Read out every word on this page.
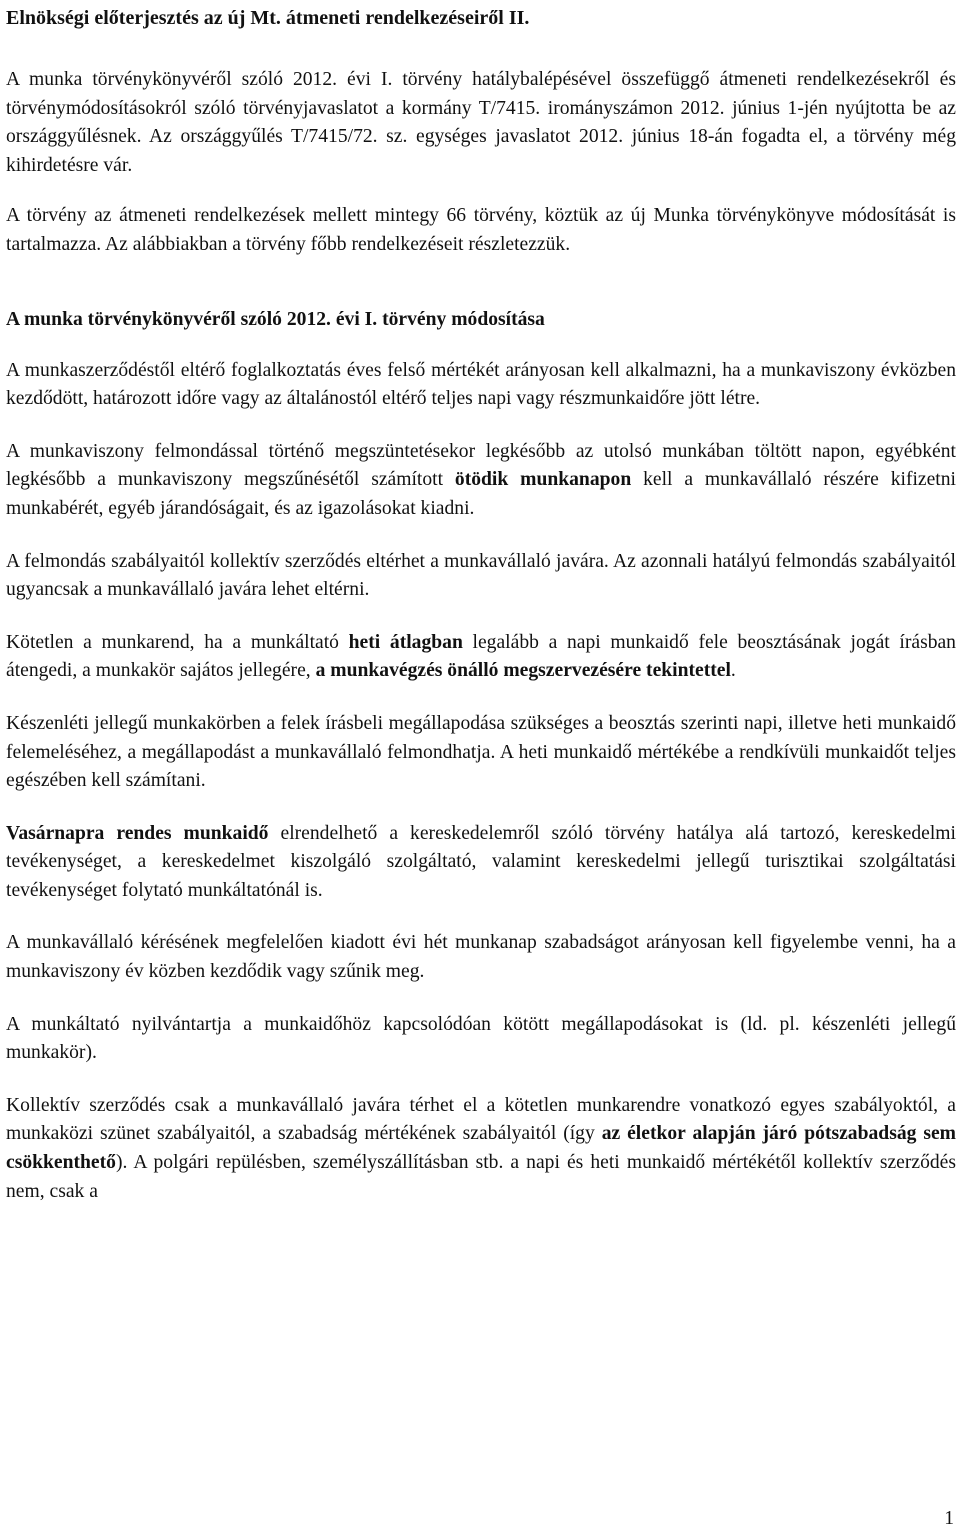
Elnökségi előterjesztés az új Mt. átmeneti rendelkezéseiről II.

A munka törvénykönyvéről szóló 2012. évi I. törvény hatálybalépésével összefüggő átmeneti rendelkezésekről és törvénymódosításokról szóló törvényjavaslatot a kormány T/7415. irományszámon 2012. június 1-jén nyújtotta be az országgyűlésnek. Az országgyűlés T/7415/72. sz. egységes javaslatot 2012. június 18-án fogadta el, a törvény még kihirdetésre vár.

A törvény az átmeneti rendelkezések mellett mintegy 66 törvény, köztük az új Munka törvénykönyve módosítását is tartalmazza. Az alábbiakban a törvény főbb rendelkezéseit részletezzük.

A munka törvénykönyvéről szóló 2012. évi I. törvény módosítása

A munkaszerződéstől eltérő foglalkoztatás éves felső mértékét arányosan kell alkalmazni, ha a munkaviszony évközben kezdődött, határozott időre vagy az általánostól eltérő teljes napi vagy részmunkaidőre jött létre.

A munkaviszony felmondással történő megszüntetésekor legkésőbb az utolsó munkában töltött napon, egyébként legkésőbb a munkaviszony megszűnésétől számított ötödik munkanapon kell a munkavállaló részére kifizetni munkabérét, egyéb járandóságait, és az igazolásokat kiadni.

A felmondás szabályaitól kollektív szerződés eltérhet a munkavállaló javára. Az azonnali hatályú felmondás szabályaitól ugyancsak a munkavállaló javára lehet eltérni.

Kötetlen a munkarend, ha a munkáltató heti átlagban legalább a napi munkaidő fele beosztásának jogát írásban átengedi, a munkakör sajátos jellegére, a munkavégzés önálló megszervezésére tekintettel.

Készenléti jellegű munkakörben a felek írásbeli megállapodása szükséges a beosztás szerinti napi, illetve heti munkaidő felemeléséhez, a megállapodást a munkavállaló felmondhatja. A heti munkaidő mértékébe a rendkívüli munkaidőt teljes egészében kell számítani.

Vasárnapra rendes munkaidő elrendelhető a kereskedelemről szóló törvény hatálya alá tartozó, kereskedelmi tevékenységet, a kereskedelmet kiszolgáló szolgáltató, valamint kereskedelmi jellegű turisztikai szolgáltatási tevékenységet folytató munkáltatónál is.

A munkavállaló kérésének megfelelően kiadott évi hét munkanap szabadságot arányosan kell figyelembe venni, ha a munkaviszony év közben kezdődik vagy szűnik meg.

A munkáltató nyilvántartja a munkaidőhöz kapcsolódóan kötött megállapodásokat is (ld. pl. készenléti jellegű munkakör).

Kollektív szerződés csak a munkavállaló javára térhet el a kötetlen munkarendre vonatkozó egyes szabályoktól, a munkaközi szünet szabályaitól, a szabadság mértékének szabályaitól (így az életkor alapján járó pótszabadság sem csökkenthető). A polgári repülésben, személyszállításban stb. a napi és heti munkaidő mértékétől kollektív szerződés nem, csak a

1
